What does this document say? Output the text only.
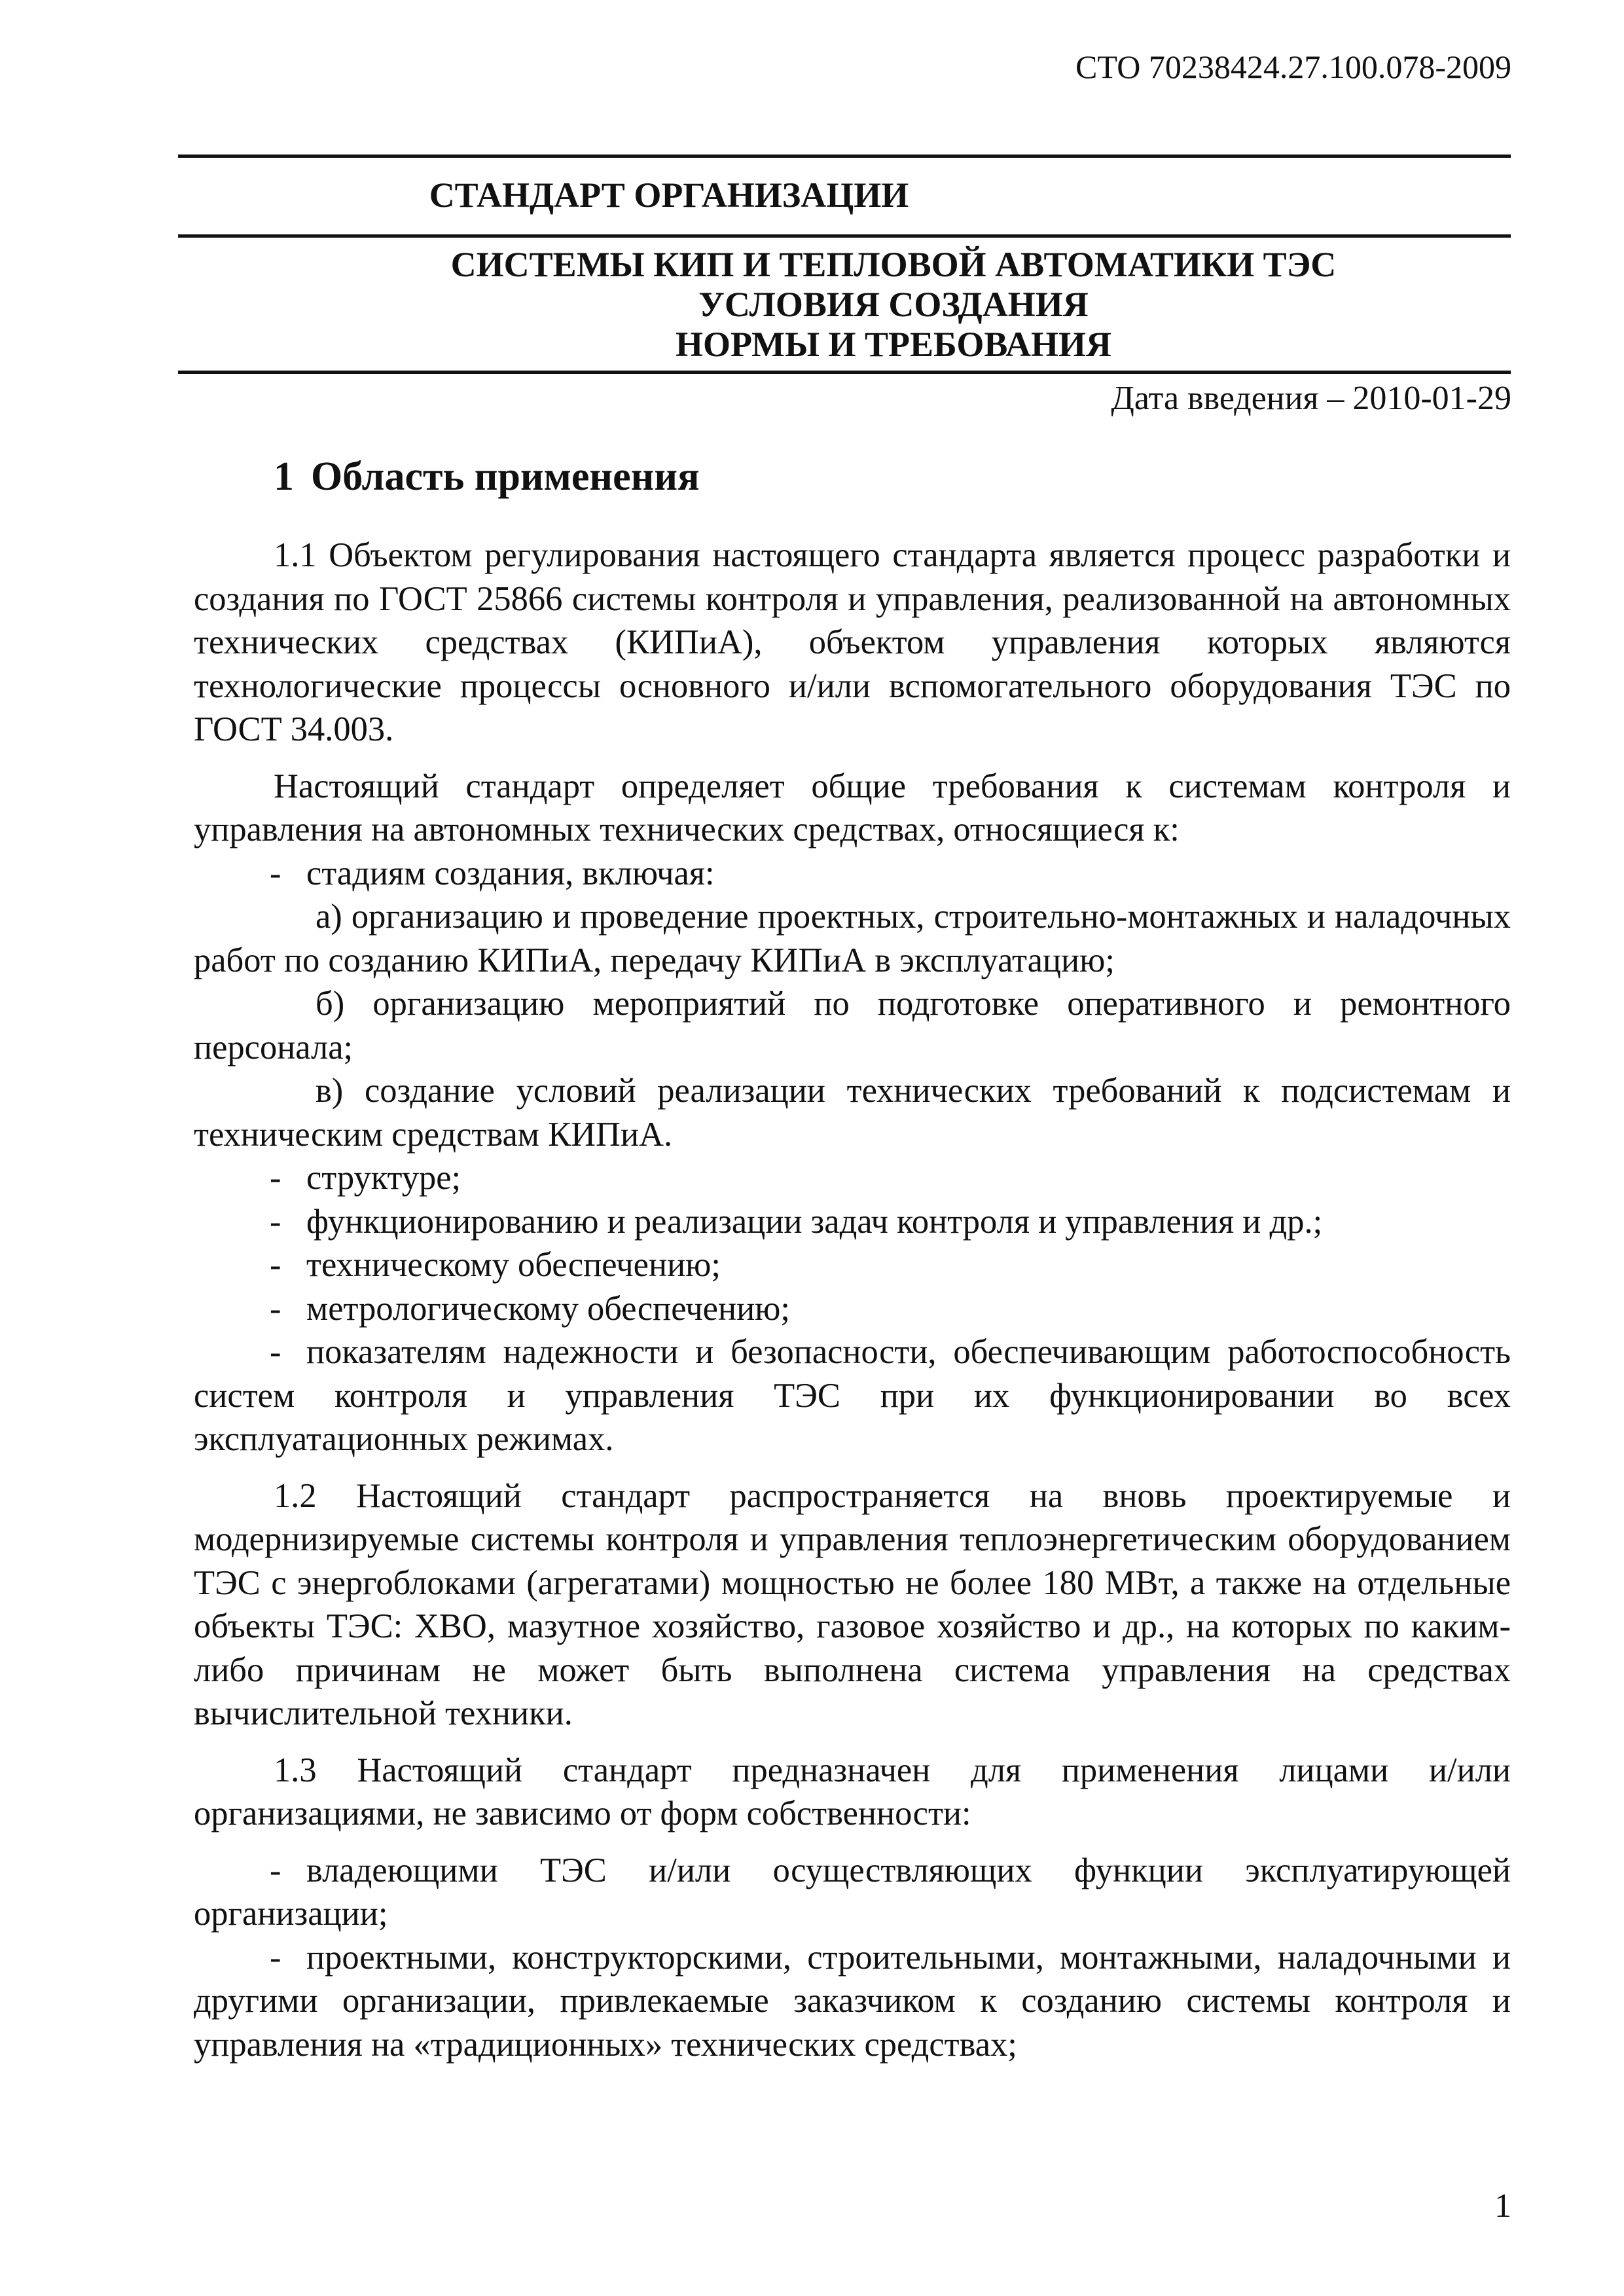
СТО 70238424.27.100.078-2009
СТАНДАРТ ОРГАНИЗАЦИИ
СИСТЕМЫ КИП И ТЕПЛОВОЙ АВТОМАТИКИ ТЭС
УСЛОВИЯ СОЗДАНИЯ
НОРМЫ И ТРЕБОВАНИЯ
Дата введения – 2010-01-29
1 Область применения

1.1 Объектом регулирования настоящего стандарта является процесс разработки и создания по ГОСТ 25866 системы контроля и управления, реализованной на автономных технических средствах (КИПиА), объектом управления которых являются технологические процессы основного и/или вспомогательного оборудования ТЭС по ГОСТ 34.003.

Настоящий стандарт определяет общие требования к системам контроля и управления на автономных технических средствах, относящиеся к:

- стадиям создания, включая:

а) организацию и проведение проектных, строительно-монтажных и наладочных работ по созданию КИПиА, передачу КИПиА в эксплуатацию;

б) организацию мероприятий по подготовке оперативного и ремонтного персонала;

в) создание условий реализации технических требований к подсистемам и техническим средствам КИПиА.

- структуре;

- функционированию и реализации задач контроля и управления и др.;

- техническому обеспечению;

- метрологическому обеспечению;

- показателям надежности и безопасности, обеспечивающим работоспособность систем контроля и управления ТЭС при их функционировании во всех эксплуатационных режимах.

1.2 Настоящий стандарт распространяется на вновь проектируемые и модернизируемые системы контроля и управления теплоэнергетическим оборудованием ТЭС с энергоблоками (агрегатами) мощностью не более 180 МВт, а также на отдельные объекты ТЭС: ХВО, мазутное хозяйство, газовое хозяйство и др., на которых по каким-либо причинам не может быть выполнена система управления на средствах вычислительной техники.

1.3 Настоящий стандарт предназначен для применения лицами и/или организациями, не зависимо от форм собственности:

- владеющими ТЭС и/или осуществляющих функции эксплуатирующей организации;

- проектными, конструкторскими, строительными, монтажными, наладочными и другими организации, привлекаемые заказчиком к созданию системы контроля и управления на «традиционных» технических средствах;

1
